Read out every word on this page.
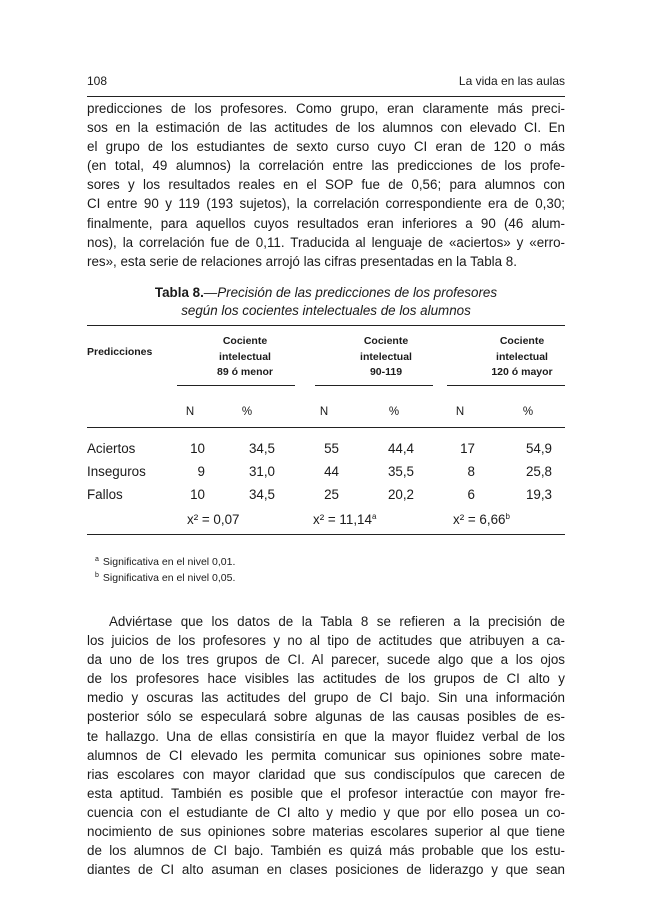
108	La vida en las aulas
predicciones de los profesores. Como grupo, eran claramente más preci-
sos en la estimación de las actitudes de los alumnos con elevado CI. En
el grupo de los estudiantes de sexto curso cuyo CI eran de 120 o más
(en total, 49 alumnos) la correlación entre las predicciones de los profe-
sores y los resultados reales en el SOP fue de 0,56; para alumnos con
CI entre 90 y 119 (193 sujetos), la correlación correspondiente era de 0,30;
finalmente, para aquellos cuyos resultados eran inferiores a 90 (46 alum-
nos), la correlación fue de 0,11. Traducida al lenguaje de «aciertos» y «erro-
res», esta serie de relaciones arrojó las cifras presentadas en la Tabla 8.
Tabla 8.—Precisión de las predicciones de los profesores
según los cocientes intelectuales de los alumnos
Predicciones
Cociente
intelectual
89 ó menor
Cociente
intelectual
90-119
Cociente
intelectual
120 ó mayor
N	%	N	%	N	%
Aciertos	10	34,5	55	44,4	17	54,9
Inseguros	9	31,0	44	35,5	8	25,8
Fallos	10	34,5	25	20,2	6	19,3
x² = 0,07	x² = 11,14$^a$	x² = 6,66$^b$
$^a$ Significativa en el nivel 0,01.
$^b$ Significativa en el nivel 0,05.
Adviértase que los datos de la Tabla 8 se refieren a la precisión de
los juicios de los profesores y no al tipo de actitudes que atribuyen a ca-
da uno de los tres grupos de CI. Al parecer, sucede algo que a los ojos
de los profesores hace visibles las actitudes de los grupos de CI alto y
medio y oscuras las actitudes del grupo de CI bajo. Sin una información
posterior sólo se especulará sobre algunas de las causas posibles de es-
te hallazgo. Una de ellas consistiría en que la mayor fluidez verbal de los
alumnos de CI elevado les permita comunicar sus opiniones sobre mate-
rias escolares con mayor claridad que sus condiscípulos que carecen de
esta aptitud. También es posible que el profesor interactúe con mayor fre-
cuencia con el estudiante de CI alto y medio y que por ello posea un co-
nocimiento de sus opiniones sobre materias escolares superior al que tiene
de los alumnos de CI bajo. También es quizá más probable que los estu-
diantes de CI alto asuman en clases posiciones de liderazgo y que sean
